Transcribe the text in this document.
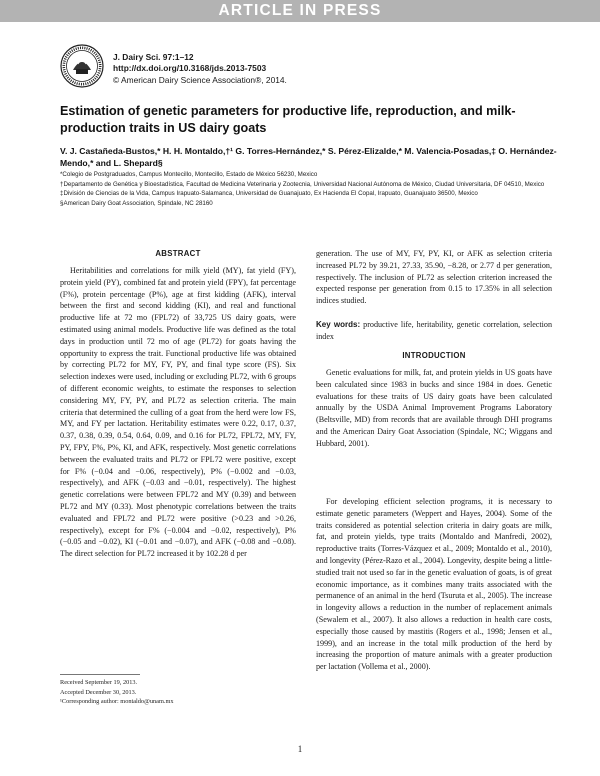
ARTICLE IN PRESS
J. Dairy Sci. 97:1–12
http://dx.doi.org/10.3168/jds.2013-7503
© American Dairy Science Association®, 2014.
Estimation of genetic parameters for productive life, reproduction, and milk-production traits in US dairy goats
V. J. Castañeda-Bustos,* H. H. Montaldo,†¹ G. Torres-Hernández,* S. Pérez-Elizalde,* M. Valencia-Posadas,‡ O. Hernández-Mendo,* and L. Shepard§
*Colegio de Postgraduados, Campus Montecillo, Montecillo, Estado de México 56230, Mexico
†Departamento de Genética y Bioestadística, Facultad de Medicina Veterinaria y Zootecnia, Universidad Nacional Autónoma de México, Ciudad Universitaria, DF 04510, Mexico
‡División de Ciencias de la Vida, Campus Irapuato-Salamanca, Universidad de Guanajuato, Ex Hacienda El Copal, Irapuato, Guanajuato 36500, Mexico
§American Dairy Goat Association, Spindale, NC 28160
ABSTRACT
Heritabilities and correlations for milk yield (MY), fat yield (FY), protein yield (PY), combined fat and protein yield (FPY), fat percentage (F%), protein percentage (P%), age at first kidding (AFK), interval between the first and second kidding (KI), and real and functional productive life at 72 mo (FPL72) of 33,725 US dairy goats, were estimated using animal models. Productive life was defined as the total days in production until 72 mo of age (PL72) for goats having the opportunity to express the trait. Functional productive life was obtained by correcting PL72 for MY, FY, PY, and final type score (FS). Six selection indexes were used, including or excluding PL72, with 6 groups of different economic weights, to estimate the responses to selection considering MY, FY, PY, and PL72 as selection criteria. The main criteria that determined the culling of a goat from the herd were low FS, MY, and FY per lactation. Heritability estimates were 0.22, 0.17, 0.37, 0.37, 0.38, 0.39, 0.54, 0.64, 0.09, and 0.16 for PL72, FPL72, MY, FY, PY, FPY, F%, P%, KI, and AFK, respectively. Most genetic correlations between the evaluated traits and PL72 or FPL72 were positive, except for F% (−0.04 and −0.06, respectively), P% (−0.002 and −0.03, respectively), and AFK (−0.03 and −0.01, respectively). The highest genetic correlations were between FPL72 and MY (0.39) and between PL72 and MY (0.33). Most phenotypic correlations between the traits evaluated and FPL72 and PL72 were positive (>0.23 and >0.26, respectively), except for F% (−0.004 and −0.02, respectively), P% (−0.05 and −0.02), KI (−0.01 and −0.07), and AFK (−0.08 and −0.08). The direct selection for PL72 increased it by 102.28 d per
generation. The use of MY, FY, PY, KI, or AFK as selection criteria increased PL72 by 39.21, 27.33, 35.90, −8.28, or 2.77 d per generation, respectively. The inclusion of PL72 as selection criterion increased the expected response per generation from 0.15 to 17.35% in all selection indices studied.
Key words: productive life, heritability, genetic correlation, selection index
INTRODUCTION
Genetic evaluations for milk, fat, and protein yields in US goats have been calculated since 1983 in bucks and since 1984 in does. Genetic evaluations for these traits of US dairy goats have been calculated annually by the USDA Animal Improvement Programs Laboratory (Beltsville, MD) from records that are available through DHI programs and the American Dairy Goat Association (Spindale, NC; Wiggans and Hubbard, 2001).
For developing efficient selection programs, it is necessary to estimate genetic parameters (Weppert and Hayes, 2004). Some of the traits considered as potential selection criteria in dairy goats are milk, fat, and protein yields, type traits (Montaldo and Manfredi, 2002), reproductive traits (Torres-Vázquez et al., 2009; Montaldo et al., 2010), and longevity (Pérez-Razo et al., 2004). Longevity, despite being a little-studied trait not used so far in the genetic evaluation of goats, is of great economic importance, as it combines many traits associated with the permanence of an animal in the herd (Tsuruta et al., 2005). The increase in longevity allows a reduction in the number of replacement animals (Sewalem et al., 2007). It also allows a reduction in health care costs, especially those caused by mastitis (Rogers et al., 1998; Jensen et al., 1999), and an increase in the total milk production of the herd by increasing the proportion of mature animals with a greater production per lactation (Vollema et al., 2000).
Received September 19, 2013.
Accepted December 30, 2013.
¹Corresponding author: montaldo@unam.mx
1
